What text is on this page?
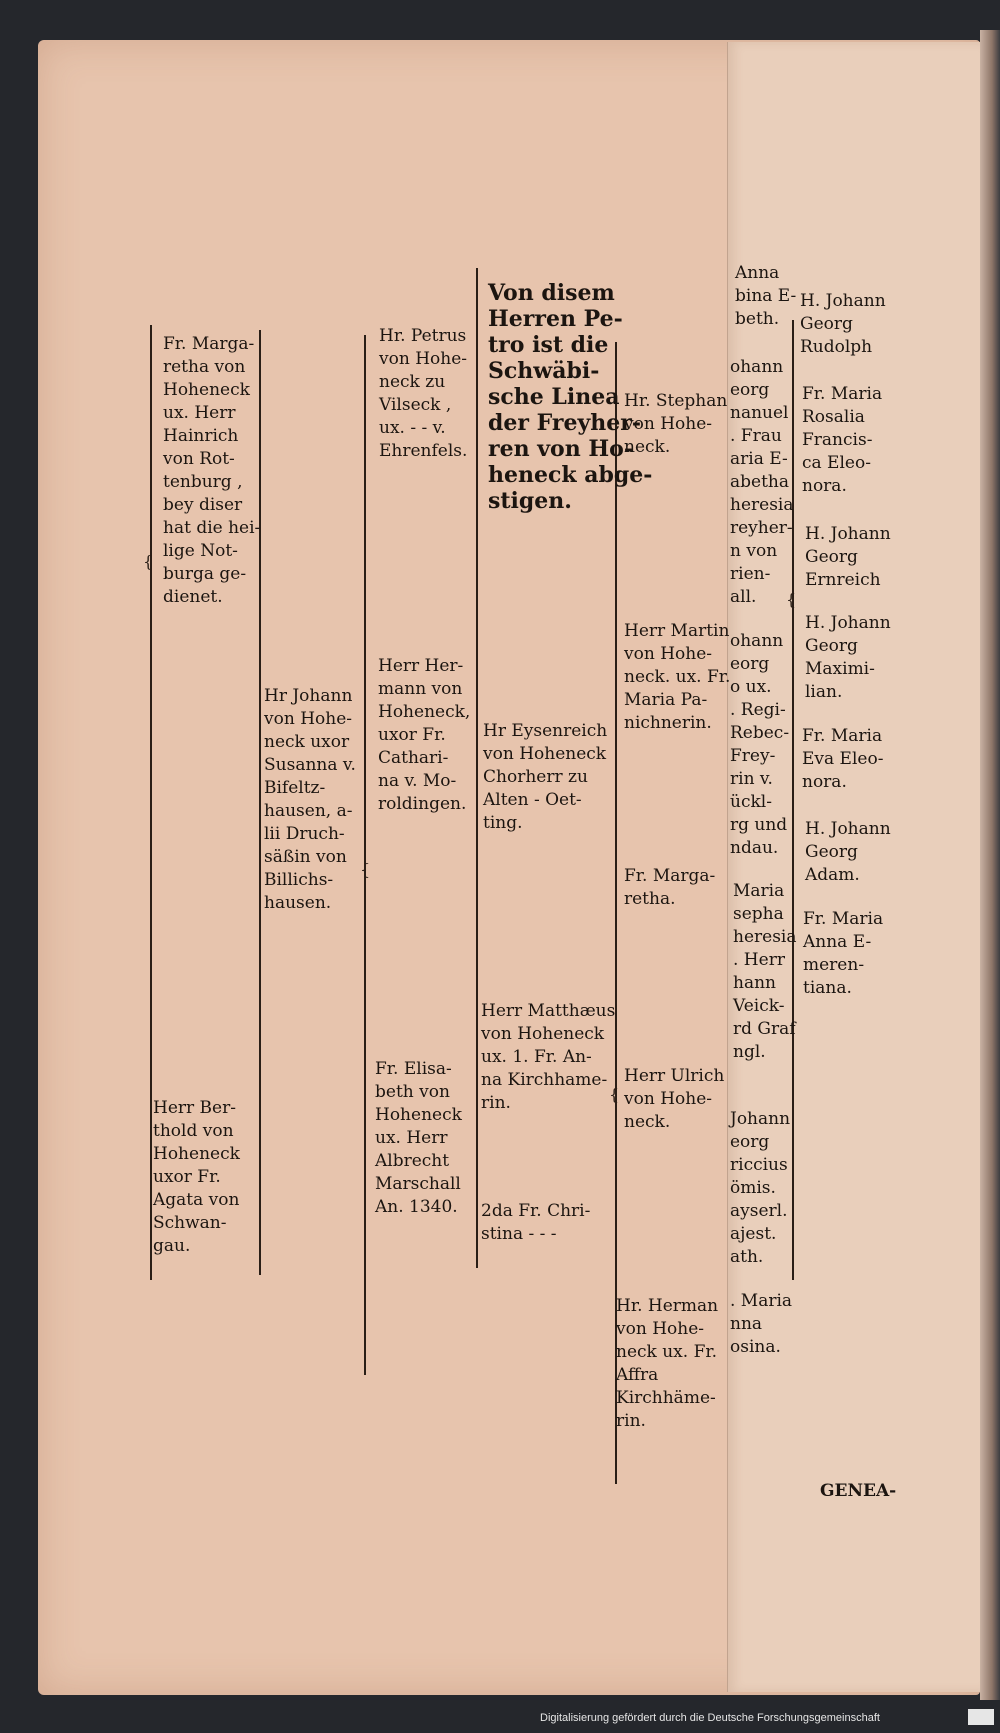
{
{
{
{

Fr. Marga-
retha von
Hoheneck
ux. Herr
Hainrich
von Rot-
tenburg ,
bey diser
hat die hei-
lige Not-
burga ge-
dienet.

Herr Ber-
thold von
Hoheneck
uxor Fr.
Agata von
Schwan-
gau.

Hr Johann
von Hohe-
neck uxor
Susanna v.
Bifeltz-
hausen, a-
lii Druch-
säßin von
Billichs-
hausen.

Hr. Petrus
von Hohe-
neck zu
Vilseck ,
ux. - - v.
Ehrenfels.

Herr Her-
mann von
Hoheneck,
uxor Fr.
Cathari-
na v. Mo-
roldingen.

Fr. Elisa-
beth von
Hoheneck
ux. Herr
Albrecht
Marschall
An. 1340.

Von disem
Herren Pe-
tro ist die
Schwäbi-
sche Linea
der Freyher-
ren von Ho-
heneck abge-
stigen.

Hr Eysenreich
von Hoheneck
Chorherr zu
Alten - Oet-
ting.

Herr Matthæus
von Hoheneck
ux. 1. Fr. An-
na Kirchhame-
rin.

2da Fr. Chri-
stina - - -

Hr. Stephan
von Hohe-
neck.

Herr Martin
von Hohe-
neck. ux. Fr.
Maria Pa-
nichnerin.

Fr. Marga-
retha.

Herr Ulrich
von Hohe-
neck.

Hr. Herman
von Hohe-
neck ux. Fr.
Affra
Kirchhäme-
rin.

Anna
bina E-
beth.

ohann
eorg
nanuel
. Frau
aria E-
abetha
heresia
reyher-
n von
rien-
all.

ohann
eorg
o ux.
. Regi-
Rebec-
Frey-
rin v.
ückl-
rg und
ndau.

Maria
sepha
heresia
. Herr
hann
Veick-
rd Graf
ngl.

Johann
eorg
riccius
ömis.
ayserl.
ajest.
ath.

. Maria
nna
osina.

H. Johann
Georg
Rudolph

Fr. Maria
Rosalia
Francis-
ca Eleo-
nora.

H. Johann
Georg
Ernreich

H. Johann
Georg
Maximi-
lian.

Fr. Maria
Eva Eleo-
nora.

H. Johann
Georg
Adam.

Fr. Maria
Anna E-
meren-
tiana.

GENEA-

Digitalisierung gefördert durch die Deutsche Forschungsgemeinschaft
